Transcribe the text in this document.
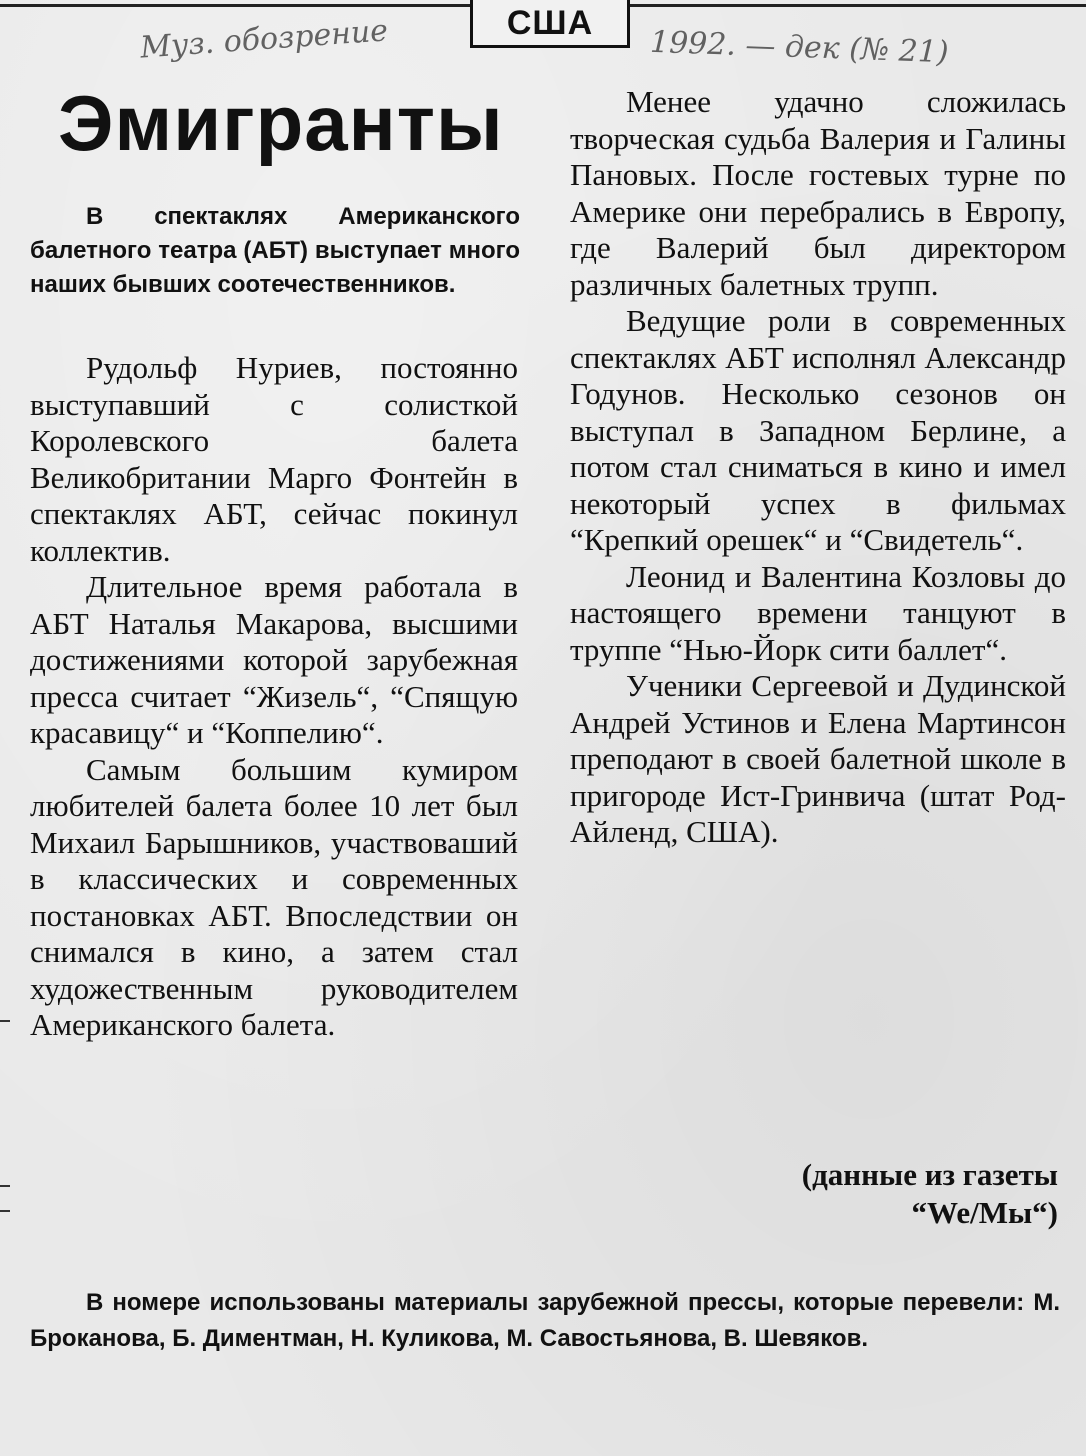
США
Муз. обозрение	1992. — дек (№ 21)
Эмигранты

В спектаклях Американского балетного театра (АБТ) выступает много наших бывших соотечественников.

Рудольф Нуриев, постоянно выступавший с солисткой Королевского балета Великобритании Марго Фонтейн в спектаклях АБТ, сейчас покинул коллектив.

Длительное время работала в АБТ Наталья Макарова, высшими достижениями которой зарубежная пресса считает “Жизель“, “Спящую красавицу“ и “Коппелию“.

Самым большим кумиром любителей балета более 10 лет был Михаил Барышников, участвоваший в классических и современных постановках АБТ. Впоследствии он снимался в кино, а затем стал художественным руководителем Американского балета.

Менее удачно сложилась творческая судьба Валерия и Галины Пановых. После гостевых турне по Америке они перебрались в Европу, где Валерий был директором различных балетных трупп.

Ведущие роли в современных спектаклях АБТ исполнял Александр Годунов. Несколько сезонов он выступал в Западном Берлине, а потом стал сниматься в кино и имел некоторый успех в фильмах “Крепкий орешек“ и “Свидетель“.

Леонид и Валентина Козловы до настоящего времени танцуют в труппе “Нью-Йорк сити баллет“.

Ученики Сергеевой и Дудинской Андрей Устинов и Елена Мартинсон преподают в своей балетной школе в пригороде Ист-Гринвича (штат Род-Айленд, США).

(данные из газеты
“We/Мы“)

В номере использованы материалы зарубежной прессы, которые перевели: М. Броканова, Б. Диментман, Н. Куликова, М. Савостьянова, В. Шевяков.
